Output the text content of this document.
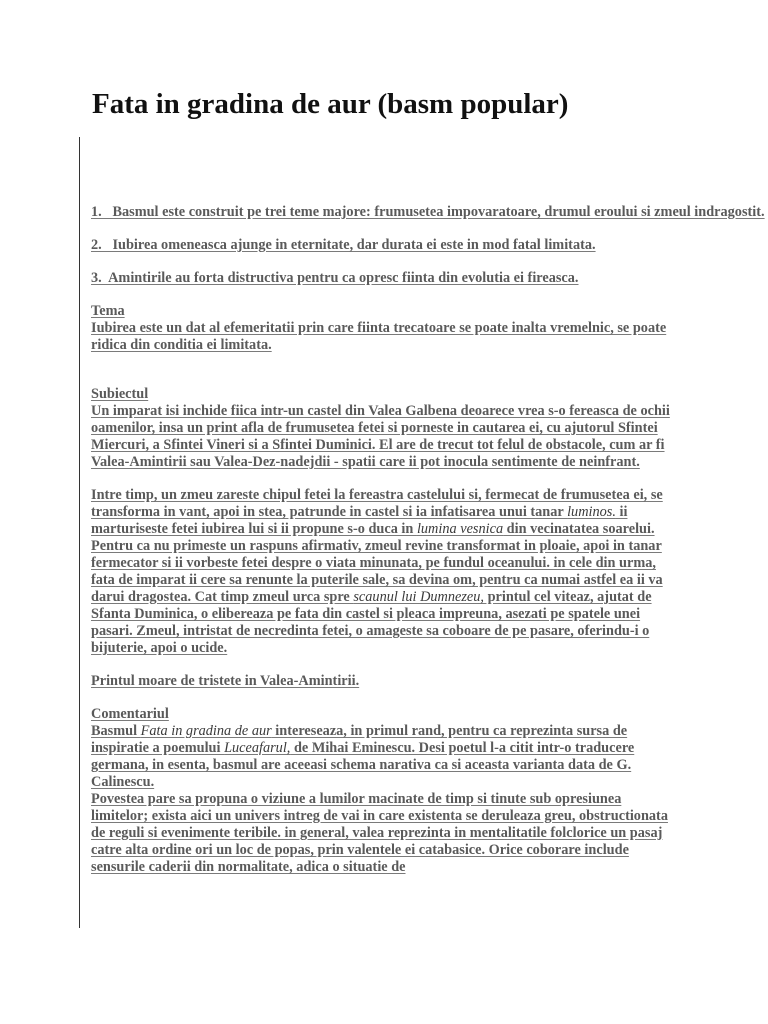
Fata in gradina de aur (basm popular)

1.   Basmul este construit pe trei teme majore: frumusetea impovaratoare, drumul eroului si zmeul indragostit.

2.   Iubirea omeneasca ajunge in eternitate, dar durata ei este in mod fatal limitata.

3.  Amintirile au forta distructiva pentru ca opresc fiinta din evolutia ei fireasca.

Tema

Iubirea este un dat al efemeritatii prin care fiinta trecatoare se poate inalta vremelnic, se poate ridica din conditia ei limitata.

Subiectul

Un imparat isi inchide fiica intr-un castel din Valea Galbena deoarece vrea s-o fereasca de ochii oamenilor, insa un print afla de frumusetea fetei si porneste in cautarea ei, cu ajutorul Sfintei Miercuri, a Sfintei Vineri si a Sfintei Duminici. El are de trecut tot felul de obstacole, cum ar fi Valea-Amintirii sau Valea-Dez-nadejdii - spatii care ii pot inocula sentimente de neinfrant.

Intre timp, un zmeu zareste chipul fetei la fereastra castelului si, fermecat de frumusetea ei, se transforma in vant, apoi in stea, patrunde in castel si ia infatisarea unui tanar luminos. ii marturiseste fetei iubirea lui si ii propune s-o duca in lumina vesnica din vecinatatea soarelui. Pentru ca nu primeste un raspuns afirmativ, zmeul revine transformat in ploaie, apoi in tanar fermecator si ii vorbeste fetei despre o viata minunata, pe fundul oceanului. in cele din urma, fata de imparat ii cere sa renunte la puterile sale, sa devina om, pentru ca numai astfel ea ii va darui dragostea. Cat timp zmeul urca spre scaunul lui Dumnezeu, printul cel viteaz, ajutat de Sfanta Duminica, o elibereaza pe fata din castel si pleaca impreuna, asezati pe spatele unei pasari. Zmeul, intristat de necredinta fetei, o amageste sa coboare de pe pasare, oferindu-i o bijuterie, apoi o ucide.

Printul moare de tristete in Valea-Amintirii.

Comentariul

Basmul Fata in gradina de aur intereseaza, in primul rand, pentru ca reprezinta sursa de inspiratie a poemului Luceafarul, de Mihai Eminescu. Desi poetul l-a citit intr-o traducere germana, in esenta, basmul are aceeasi schema narativa ca si aceasta varianta data de G. Calinescu.

Povestea pare sa propuna o viziune a lumilor macinate de timp si tinute sub opresiunea limitelor; exista aici un univers intreg de vai in care existenta se deruleaza greu, obstructionata de reguli si evenimente teribile. in general, valea reprezinta in mentalitatile folclorice un pasaj catre alta ordine ori un loc de popas, prin valentele ei catabasice. Orice coborare include sensurile caderii din normalitate, adica o situatie de
